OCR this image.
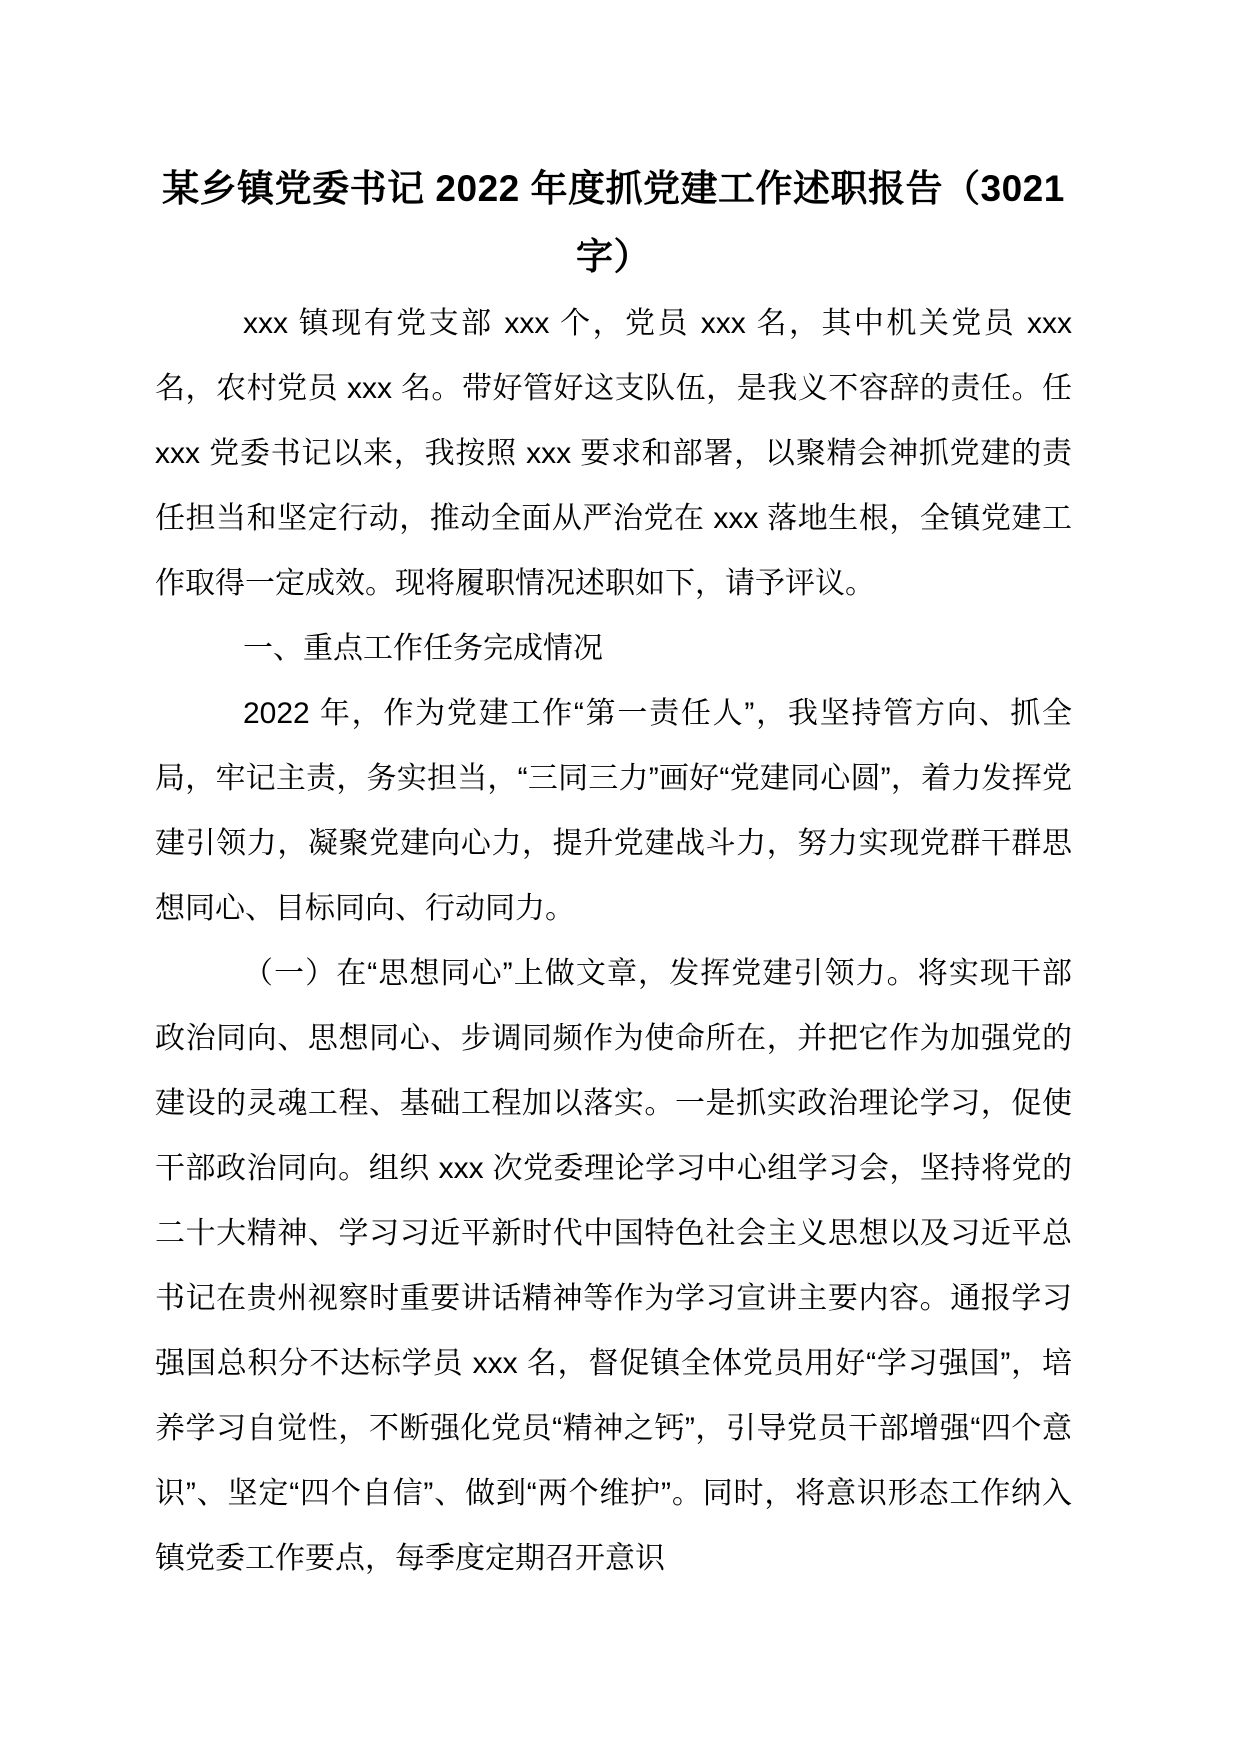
某乡镇党委书记 2022 年度抓党建工作述职报告（3021 字）

xxx 镇现有党支部 xxx 个，党员 xxx 名，其中机关党员 xxx 名，农村党员 xxx 名。带好管好这支队伍，是我义不容辞的责任。任 xxx 党委书记以来，我按照 xxx 要求和部署，以聚精会神抓党建的责任担当和坚定行动，推动全面从严治党在 xxx 落地生根，全镇党建工作取得一定成效。现将履职情况述职如下，请予评议。

一、重点工作任务完成情况

2022 年，作为党建工作“第一责任人”，我坚持管方向、抓全局，牢记主责，务实担当，“三同三力”画好“党建同心圆”，着力发挥党建引领力，凝聚党建向心力，提升党建战斗力，努力实现党群干群思想同心、目标同向、行动同力。

（一）在“思想同心”上做文章，发挥党建引领力。将实现干部政治同向、思想同心、步调同频作为使命所在，并把它作为加强党的建设的灵魂工程、基础工程加以落实。一是抓实政治理论学习，促使干部政治同向。组织 xxx 次党委理论学习中心组学习会，坚持将党的二十大精神、学习习近平新时代中国特色社会主义思想以及习近平总书记在贵州视察时重要讲话精神等作为学习宣讲主要内容。通报学习强国总积分不达标学员 xxx 名，督促镇全体党员用好“学习强国”，培养学习自觉性，不断强化党员“精神之钙”，引导党员干部增强“四个意识”、坚定“四个自信”、做到“两个维护”。同时，将意识形态工作纳入镇党委工作要点，每季度定期召开意识
